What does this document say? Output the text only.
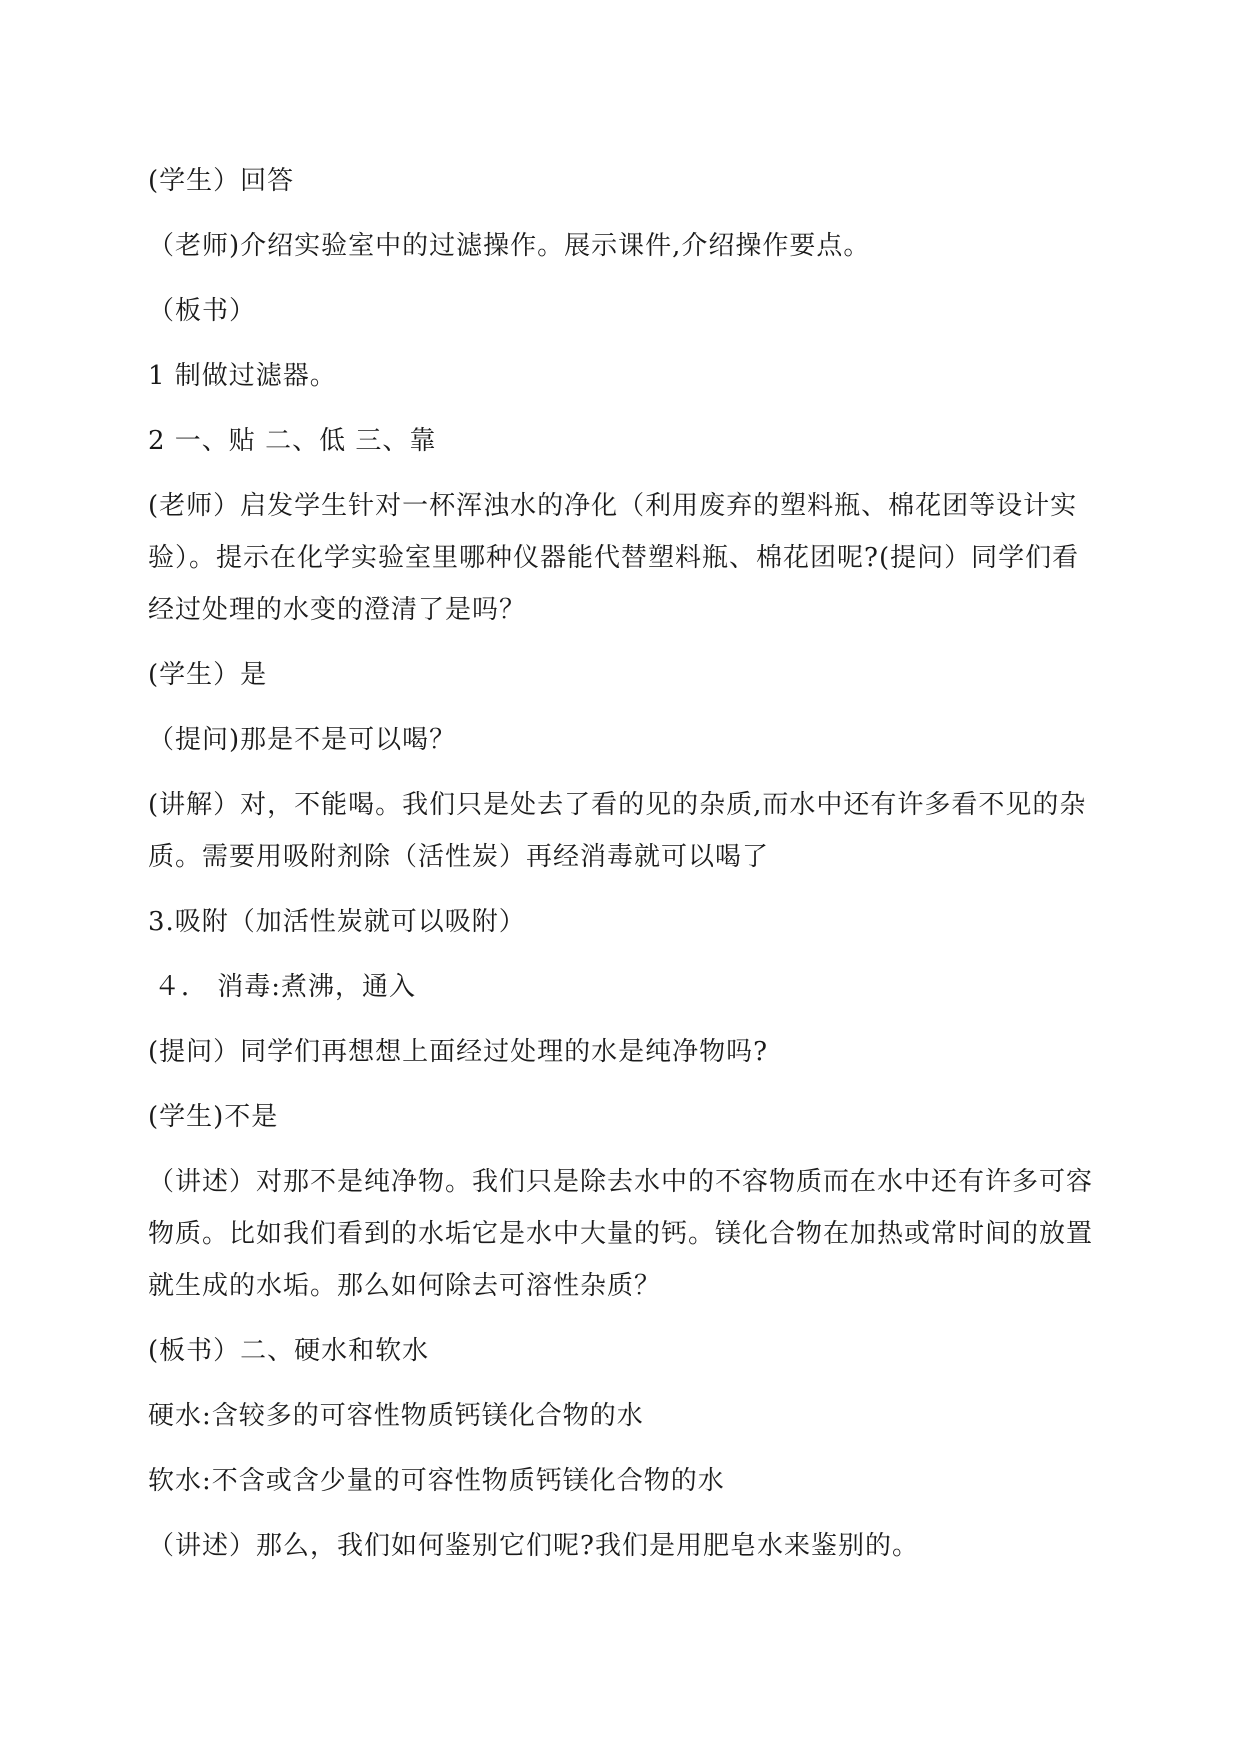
(学生）回答

（老师)介绍实验室中的过滤操作。展示课件,介绍操作要点。

（板书）

1 制做过滤器。

2 一、贴 二、低 三、靠

(老师）启发学生针对一杯浑浊水的净化（利用废弃的塑料瓶、棉花团等设计实验）。提示在化学实验室里哪种仪器能代替塑料瓶、棉花团呢?(提问）同学们看经过处理的水变的澄清了是吗？

(学生）是

（提问)那是不是可以喝？

(讲解）对，不能喝。我们只是处去了看的见的杂质,而水中还有许多看不见的杂质。需要用吸附剂除（活性炭）再经消毒就可以喝了

3.吸附（加活性炭就可以吸附）

４． 消毒:煮沸，通入

(提问）同学们再想想上面经过处理的水是纯净物吗?

(学生)不是

（讲述）对那不是纯净物。我们只是除去水中的不容物质而在水中还有许多可容物质。比如我们看到的水垢它是水中大量的钙。镁化合物在加热或常时间的放置就生成的水垢。那么如何除去可溶性杂质？

(板书）二、硬水和软水

硬水:含较多的可容性物质钙镁化合物的水

软水:不含或含少量的可容性物质钙镁化合物的水

（讲述）那么，我们如何鉴别它们呢?我们是用肥皂水来鉴别的。
